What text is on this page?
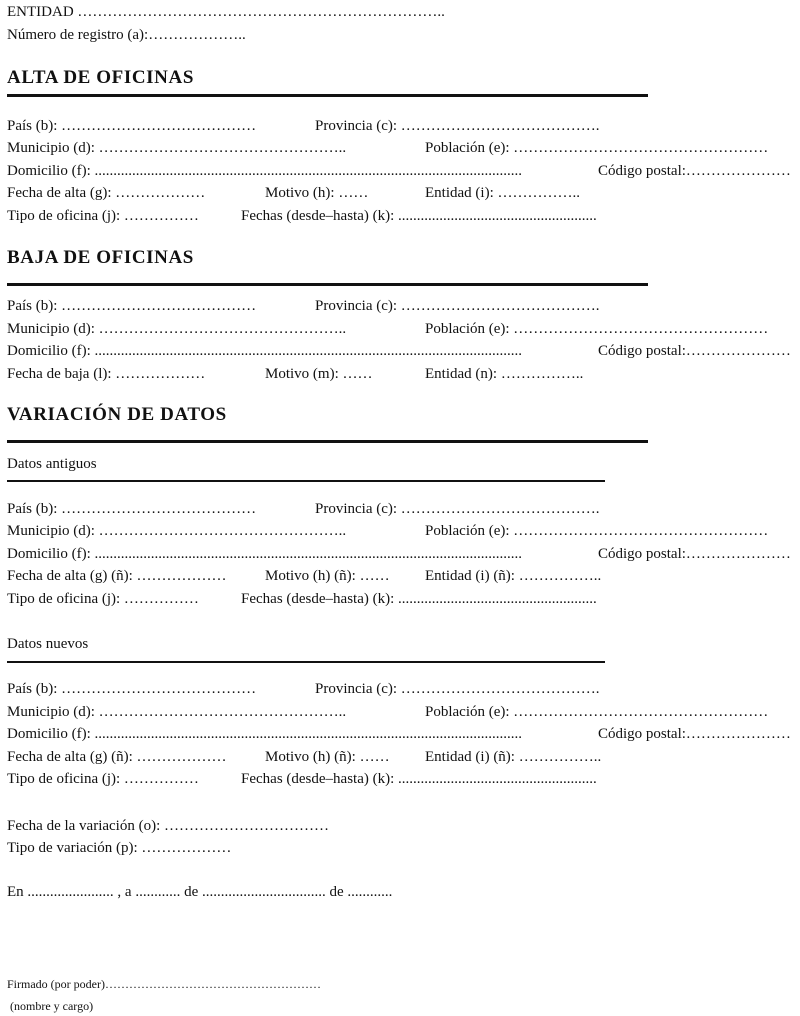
ENTIDAD ………………………………………………………………..
Número de registro (a):………………..
ALTA DE OFICINAS
País (b): …………………………………	Provincia (c): ………………………………….
Municipio (d): …………………………………………..	Población (e): ……………………………………………
Domicilio (f): ..................................................................................................................	Código postal:…………………
Fecha de alta (g): ………………	Motivo (h): ……	Entidad (i): ……………..
Tipo de oficina (j): ……………	Fechas (desde–hasta) (k): .....................................................
BAJA DE OFICINAS
País (b): …………………………………	Provincia (c): ………………………………….
Municipio (d): …………………………………………..	Población (e): ……………………………………………
Domicilio (f): ..................................................................................................................	Código postal:…………………
Fecha de baja (l): ………………	Motivo (m): ……	Entidad (n): ……………..
VARIACIÓN DE DATOS
Datos antiguos
País (b): …………………………………	Provincia (c): ………………………………….
Municipio (d): …………………………………………..	Población (e): ……………………………………………
Domicilio (f): ..................................................................................................................	Código postal:…………………
Fecha de alta (g) (ñ): ………………	Motivo (h) (ñ): …… Entidad (i) (ñ): ……………..
Tipo de oficina (j): ……………	Fechas (desde–hasta) (k): .....................................................
Datos nuevos
País (b): …………………………………	Provincia (c): ………………………………….
Municipio (d): …………………………………………..	Población (e): ……………………………………………
Domicilio (f): ..................................................................................................................	Código postal:…………………
Fecha de alta (g) (ñ): ………………	Motivo (h) (ñ): …… Entidad (i) (ñ): ……………..
Tipo de oficina (j): ……………	Fechas (desde–hasta) (k): .....................................................
Fecha de la variación (o): ……………………………
Tipo de variación (p): ………………
En ....................... , a ............ de ................................. de ............
Firmado (por poder)………………………………………………
(nombre y cargo)
